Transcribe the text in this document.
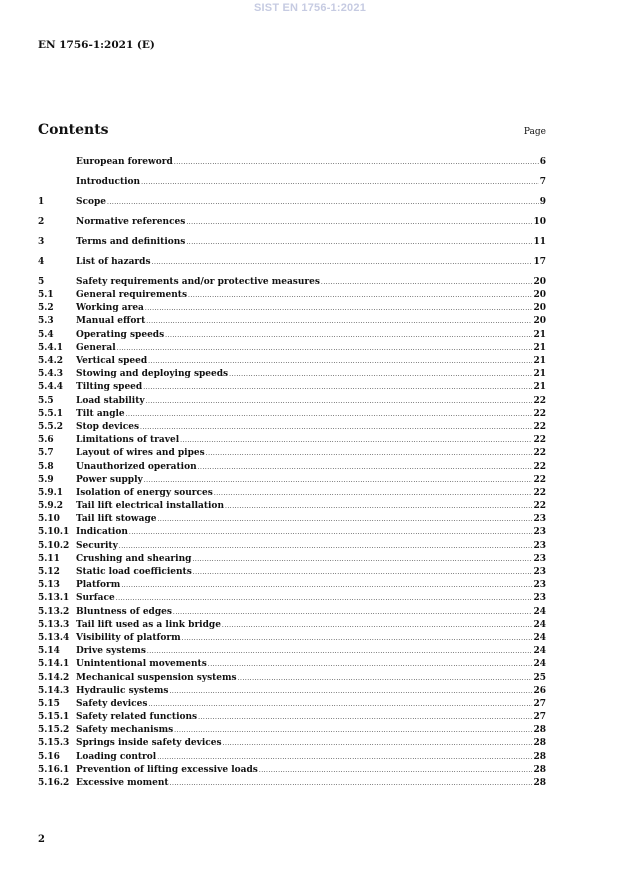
SIST EN 1756-1:2021
EN 1756-1:2021 (E)
Contents	Page
European foreword .....	6
Introduction .....	7
1	Scope .....	9
2	Normative references .....	10
3	Terms and definitions .....	11
4	List of hazards .....	17
5	Safety requirements and/or protective measures .....	20
5.1	General requirements .....	20
5.2	Working area .....	20
5.3	Manual effort .....	20
5.4	Operating speeds .....	21
5.4.1	General .....	21
5.4.2	Vertical speed .....	21
5.4.3	Stowing and deploying speeds .....	21
5.4.4	Tilting speed .....	21
5.5	Load stability .....	22
5.5.1	Tilt angle .....	22
5.5.2	Stop devices .....	22
5.6	Limitations of travel .....	22
5.7	Layout of wires and pipes .....	22
5.8	Unauthorized operation .....	22
5.9	Power supply .....	22
5.9.1	Isolation of energy sources .....	22
5.9.2	Tail lift electrical installation .....	22
5.10	Tail lift stowage .....	23
5.10.1 Indication .....	23
5.10.2 Security .....	23
5.11	Crushing and shearing .....	23
5.12	Static load coefficients .....	23
5.13	Platform .....	23
5.13.1 Surface .....	23
5.13.2 Bluntness of edges .....	24
5.13.3 Tail lift used as a link bridge .....	24
5.13.4 Visibility of platform .....	24
5.14	Drive systems .....	24
5.14.1 Unintentional movements .....	24
5.14.2 Mechanical suspension systems .....	25
5.14.3 Hydraulic systems .....	26
5.15	Safety devices .....	27
5.15.1 Safety related functions .....	27
5.15.2 Safety mechanisms .....	28
5.15.3 Springs inside safety devices .....	28
5.16	Loading control .....	28
5.16.1 Prevention of lifting excessive loads .....	28
5.16.2 Excessive moment .....	28
2
